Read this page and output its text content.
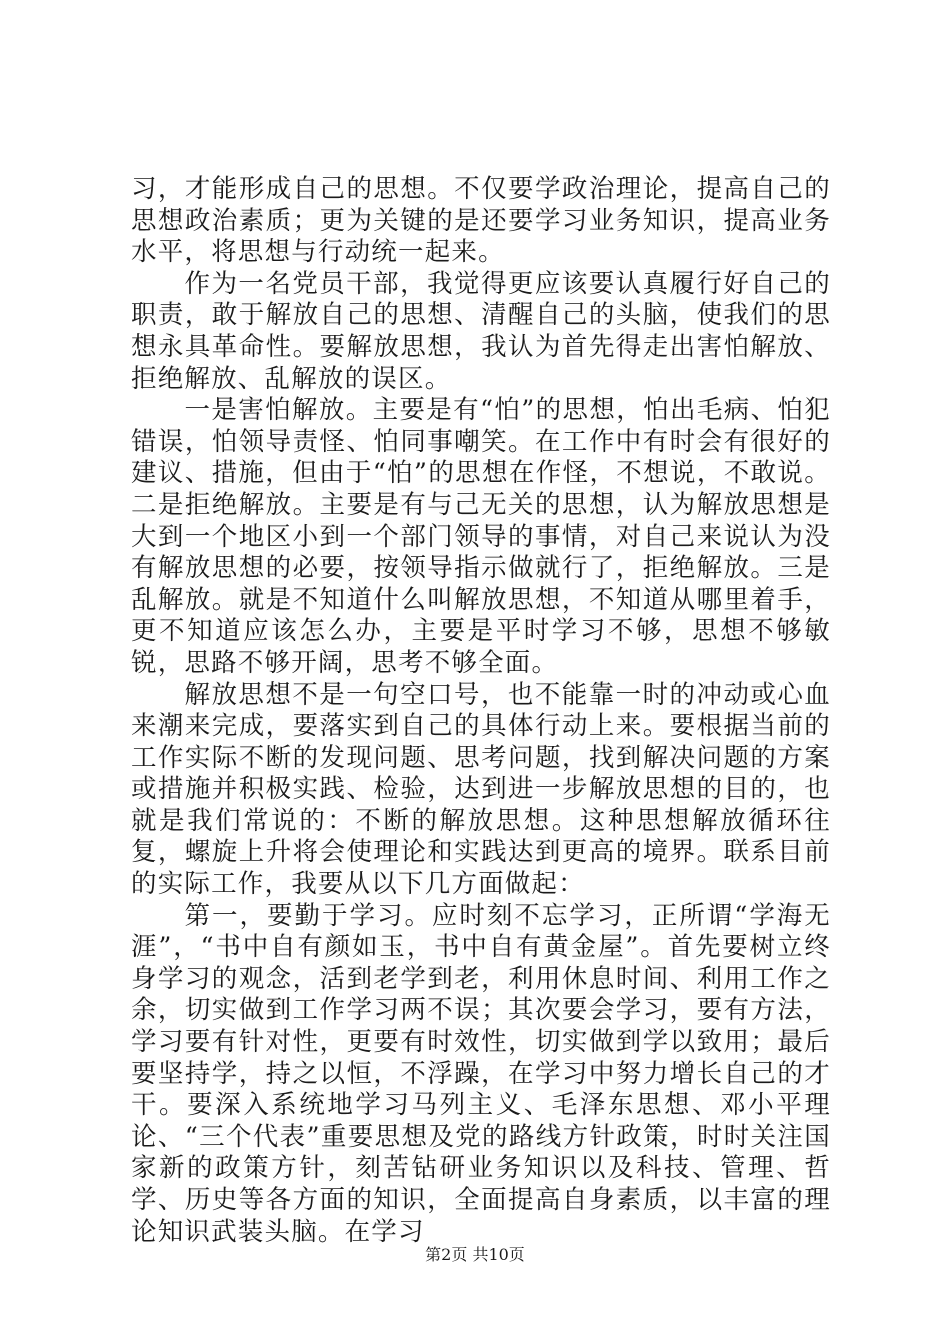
习，才能形成自己的思想。不仅要学政治理论，提高自己的思想政治素质；更为关键的是还要学习业务知识，提高业务水平，将思想与行动统一起来。

作为一名党员干部，我觉得更应该要认真履行好自己的职责，敢于解放自己的思想、清醒自己的头脑，使我们的思想永具革命性。要解放思想，我认为首先得走出害怕解放、拒绝解放、乱解放的误区。

一是害怕解放。主要是有“怕”的思想，怕出毛病、怕犯错误，怕领导责怪、怕同事嘲笑。在工作中有时会有很好的建议、措施，但由于“怕”的思想在作怪，不想说，不敢说。二是拒绝解放。主要是有与己无关的思想，认为解放思想是大到一个地区小到一个部门领导的事情，对自己来说认为没有解放思想的必要，按领导指示做就行了，拒绝解放。三是乱解放。就是不知道什么叫解放思想，不知道从哪里着手，更不知道应该怎么办，主要是平时学习不够，思想不够敏锐，思路不够开阔，思考不够全面。

解放思想不是一句空口号，也不能靠一时的冲动或心血来潮来完成，要落实到自己的具体行动上来。要根据当前的工作实际不断的发现问题、思考问题，找到解决问题的方案或措施并积极实践、检验，达到进一步解放思想的目的，也就是我们常说的：不断的解放思想。这种思想解放循环往复，螺旋上升将会使理论和实践达到更高的境界。联系目前的实际工作，我要从以下几方面做起：

第一，要勤于学习。应时刻不忘学习，正所谓“学海无涯”，“书中自有颜如玉，书中自有黄金屋”。首先要树立终身学习的观念，活到老学到老，利用休息时间、利用工作之余，切实做到工作学习两不误；其次要会学习，要有方法，学习要有针对性，更要有时效性，切实做到学以致用；最后要坚持学，持之以恒，不浮躁，在学习中努力增长自己的才干。要深入系统地学习马列主义、毛泽东思想、邓小平理论、“三个代表”重要思想及党的路线方针政策，时时关注国家新的政策方针，刻苦钻研业务知识以及科技、管理、哲学、历史等各方面的知识，全面提高自身素质，以丰富的理论知识武装头脑。在学习

第2页 共10页
